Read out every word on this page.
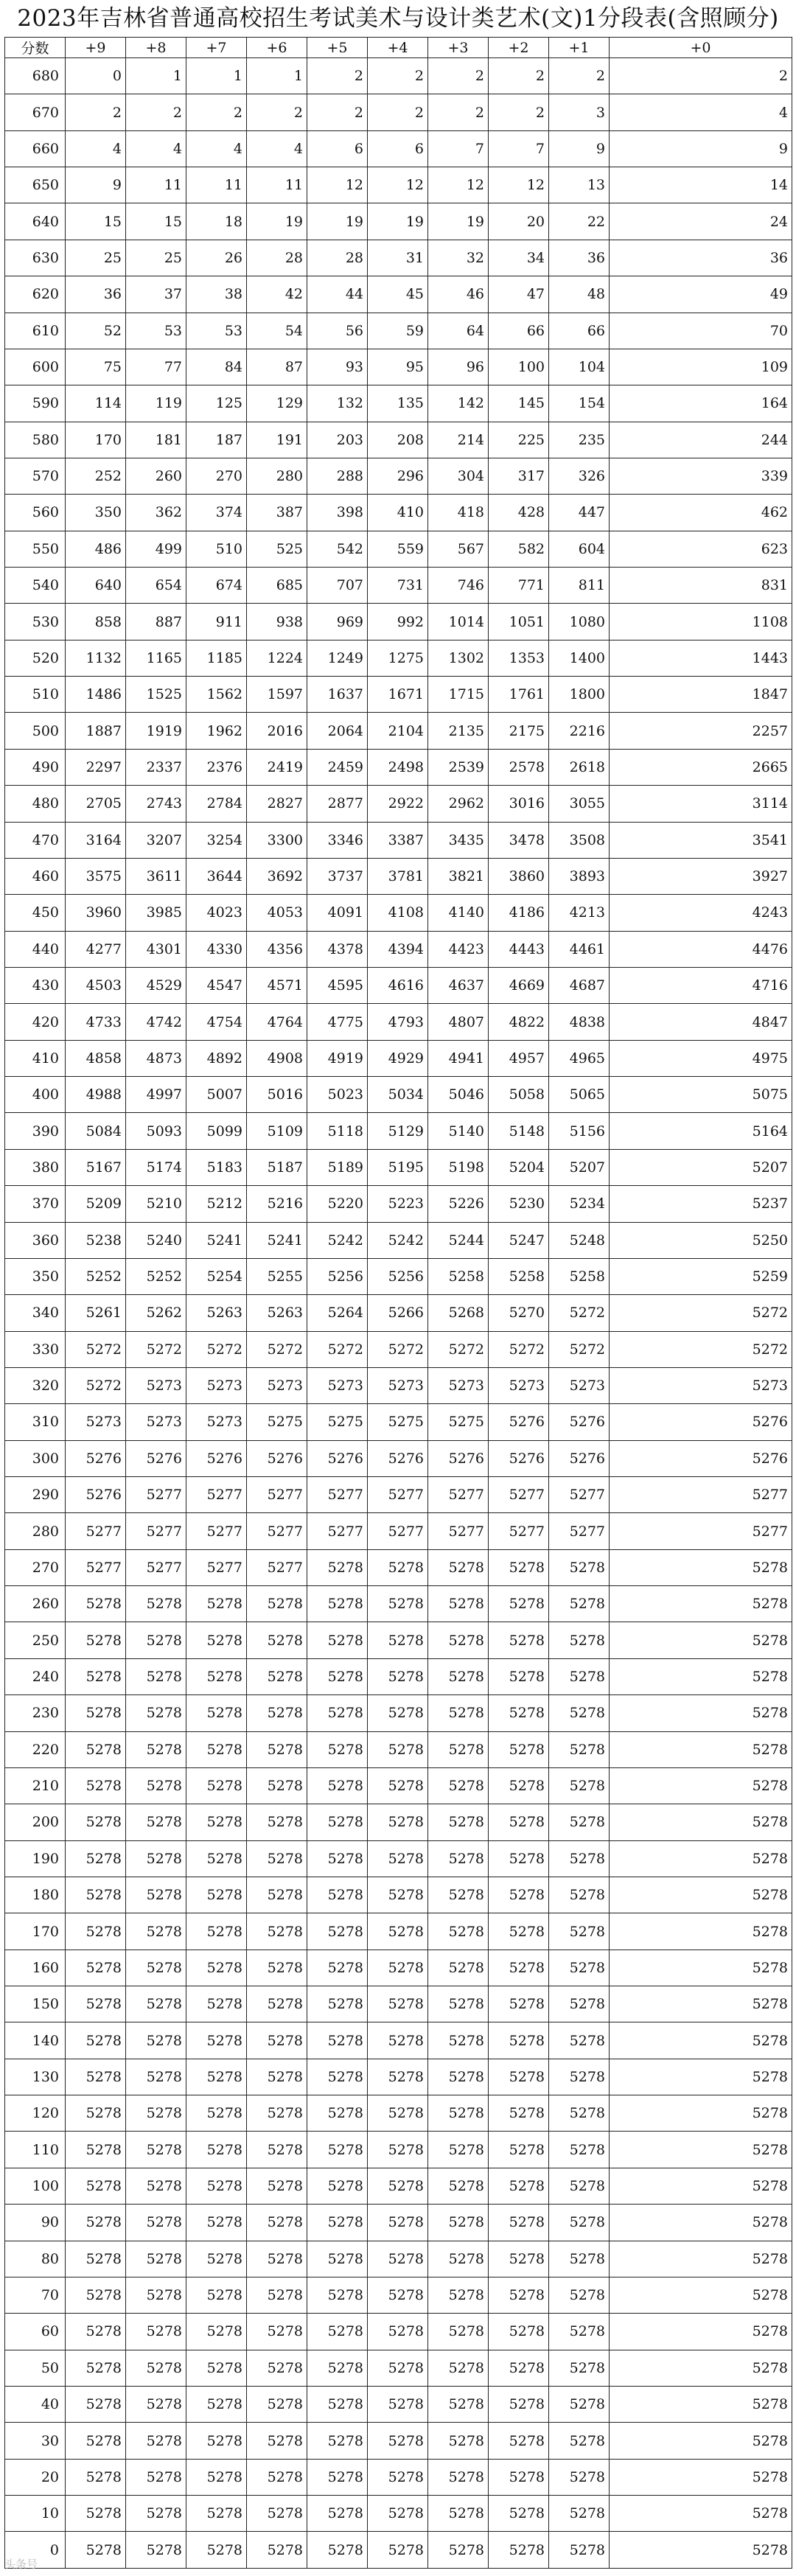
2023年吉林省普通高校招生考试美术与设计类艺术(文)1分段表(含照顾分)
分数	+9	+8	+7	+6	+5	+4	+3	+2	+1	+0
680	0	1	1	1	2	2	2	2	2	2
670	2	2	2	2	2	2	2	2	3	4
660	4	4	4	4	6	6	7	7	9	9
650	9	11	11	11	12	12	12	12	13	14
640	15	15	18	19	19	19	19	20	22	24
630	25	25	26	28	28	31	32	34	36	36
620	36	37	38	42	44	45	46	47	48	49
610	52	53	53	54	56	59	64	66	66	70
600	75	77	84	87	93	95	96	100	104	109
590	114	119	125	129	132	135	142	145	154	164
580	170	181	187	191	203	208	214	225	235	244
570	252	260	270	280	288	296	304	317	326	339
560	350	362	374	387	398	410	418	428	447	462
550	486	499	510	525	542	559	567	582	604	623
540	640	654	674	685	707	731	746	771	811	831
530	858	887	911	938	969	992	1014	1051	1080	1108
520	1132	1165	1185	1224	1249	1275	1302	1353	1400	1443
510	1486	1525	1562	1597	1637	1671	1715	1761	1800	1847
500	1887	1919	1962	2016	2064	2104	2135	2175	2216	2257
490	2297	2337	2376	2419	2459	2498	2539	2578	2618	2665
480	2705	2743	2784	2827	2877	2922	2962	3016	3055	3114
470	3164	3207	3254	3300	3346	3387	3435	3478	3508	3541
460	3575	3611	3644	3692	3737	3781	3821	3860	3893	3927
450	3960	3985	4023	4053	4091	4108	4140	4186	4213	4243
440	4277	4301	4330	4356	4378	4394	4423	4443	4461	4476
430	4503	4529	4547	4571	4595	4616	4637	4669	4687	4716
420	4733	4742	4754	4764	4775	4793	4807	4822	4838	4847
410	4858	4873	4892	4908	4919	4929	4941	4957	4965	4975
400	4988	4997	5007	5016	5023	5034	5046	5058	5065	5075
390	5084	5093	5099	5109	5118	5129	5140	5148	5156	5164
380	5167	5174	5183	5187	5189	5195	5198	5204	5207	5207
370	5209	5210	5212	5216	5220	5223	5226	5230	5234	5237
360	5238	5240	5241	5241	5242	5242	5244	5247	5248	5250
350	5252	5252	5254	5255	5256	5256	5258	5258	5258	5259
340	5261	5262	5263	5263	5264	5266	5268	5270	5272	5272
330	5272	5272	5272	5272	5272	5272	5272	5272	5272	5272
320	5272	5273	5273	5273	5273	5273	5273	5273	5273	5273
310	5273	5273	5273	5275	5275	5275	5275	5276	5276	5276
300	5276	5276	5276	5276	5276	5276	5276	5276	5276	5276
290	5276	5277	5277	5277	5277	5277	5277	5277	5277	5277
280	5277	5277	5277	5277	5277	5277	5277	5277	5277	5277
270	5277	5277	5277	5277	5278	5278	5278	5278	5278	5278
260	5278	5278	5278	5278	5278	5278	5278	5278	5278	5278
250	5278	5278	5278	5278	5278	5278	5278	5278	5278	5278
240	5278	5278	5278	5278	5278	5278	5278	5278	5278	5278
230	5278	5278	5278	5278	5278	5278	5278	5278	5278	5278
220	5278	5278	5278	5278	5278	5278	5278	5278	5278	5278
210	5278	5278	5278	5278	5278	5278	5278	5278	5278	5278
200	5278	5278	5278	5278	5278	5278	5278	5278	5278	5278
190	5278	5278	5278	5278	5278	5278	5278	5278	5278	5278
180	5278	5278	5278	5278	5278	5278	5278	5278	5278	5278
170	5278	5278	5278	5278	5278	5278	5278	5278	5278	5278
160	5278	5278	5278	5278	5278	5278	5278	5278	5278	5278
150	5278	5278	5278	5278	5278	5278	5278	5278	5278	5278
140	5278	5278	5278	5278	5278	5278	5278	5278	5278	5278
130	5278	5278	5278	5278	5278	5278	5278	5278	5278	5278
120	5278	5278	5278	5278	5278	5278	5278	5278	5278	5278
110	5278	5278	5278	5278	5278	5278	5278	5278	5278	5278
100	5278	5278	5278	5278	5278	5278	5278	5278	5278	5278
90	5278	5278	5278	5278	5278	5278	5278	5278	5278	5278
80	5278	5278	5278	5278	5278	5278	5278	5278	5278	5278
70	5278	5278	5278	5278	5278	5278	5278	5278	5278	5278
60	5278	5278	5278	5278	5278	5278	5278	5278	5278	5278
50	5278	5278	5278	5278	5278	5278	5278	5278	5278	5278
40	5278	5278	5278	5278	5278	5278	5278	5278	5278	5278
30	5278	5278	5278	5278	5278	5278	5278	5278	5278	5278
20	5278	5278	5278	5278	5278	5278	5278	5278	5278	5278
10	5278	5278	5278	5278	5278	5278	5278	5278	5278	5278
0	5278	5278	5278	5278	5278	5278	5278	5278	5278	5278
头条号
